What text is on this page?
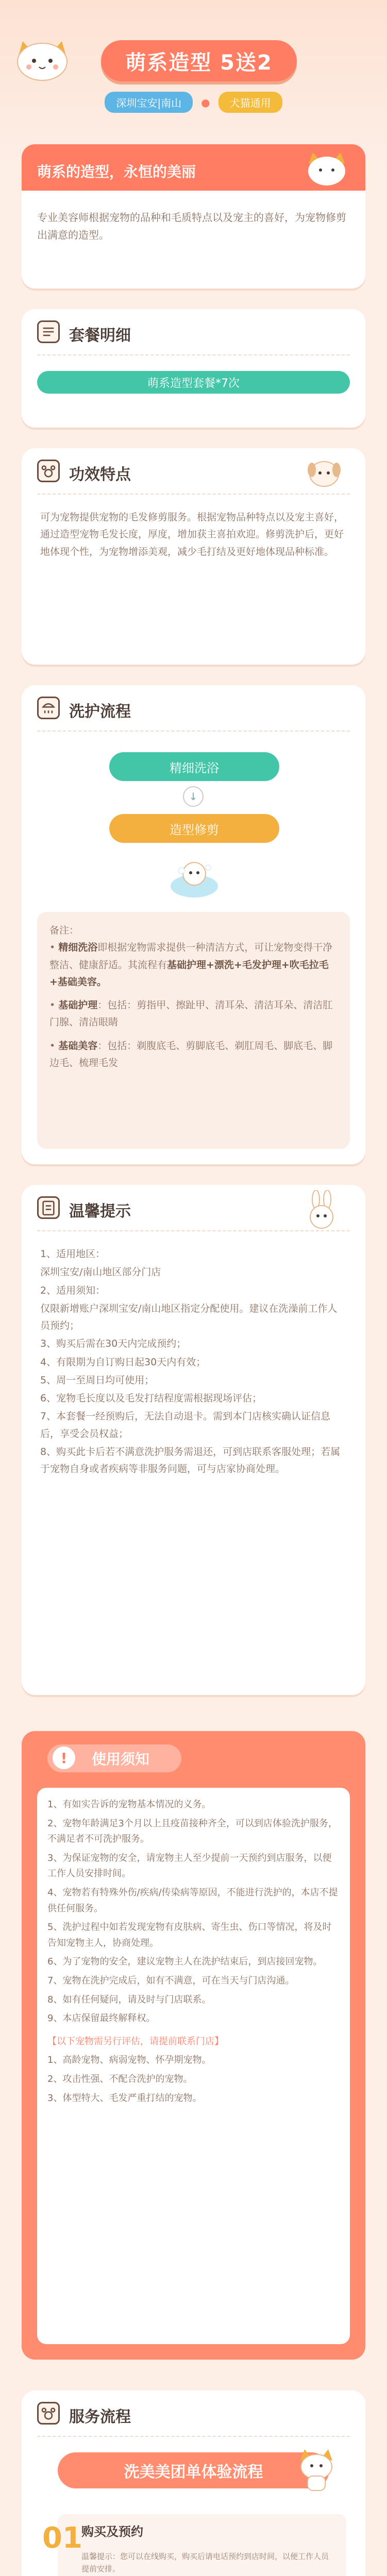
萌系造型 5送2
深圳宝安|南山	●	犬猫通用
萌系的造型，永恒的美丽
专业美容师根据宠物的品种和毛质特点以及宠主的喜好，为宠物修剪出满意的造型。
套餐明细
萌系造型套餐*7次
功效特点
可为宠物提供宠物的毛发修剪服务。根据宠物品种特点以及宠主喜好，通过造型宠物毛发长度，厚度，增加获主喜拍欢迎。修剪洗护后，更好地体现个性，为宠物增添美观，减少毛打结及更好地体现品种标准。
洗护流程
精细洗浴
↓
造型修剪

备注：

• 精细洗浴即根据宠物需求提供一种清洁方式，可让宠物变得干净整洁、健康舒适。其流程有基础护理+漂洗+毛发护理+吹毛拉毛+基础美容。

• 基础护理：包括：剪指甲、擦趾甲、清耳朵、清洁耳朵、清洁肛门腺、清洁眼睛

• 基础美容：包括：剃腹底毛、剪脚底毛、剃肛周毛、脚底毛、脚边毛、梳理毛发

温馨提示

1、适用地区：

深圳宝安/南山地区部分门店

2、适用须知：

仅限新增账户深圳宝安/南山地区指定分配使用。建议在洗澡前工作人员预约；

3、购买后需在30天内完成预约；

4、有限期为自订购日起30天内有效；

5、周一至周日均可使用；

6、宠物毛长度以及毛发打结程度需根据现场评估；

7、本套餐一经预购后，无法自动退卡。需到本门店核实确认证信息后，享受会员权益；

8、购买此卡后若不满意洗护服务需退还，可到店联系客服处理；若属于宠物自身或者疾病等非服务问题，可与店家协商处理。

使用须知
!

1、有如实告诉的宠物基本情况的义务。

2、宠物年龄满足3个月以上且疫苗接种齐全，可以到店体验洗护服务，不满足者不可洗护服务。

3、为保证宠物的安全，请宠物主人至少提前一天预约到店服务，以便工作人员安排时间。

4、宠物若有特殊外伤/疾病/传染病等原因，不能进行洗护的，本店不提供任何服务。

5、洗护过程中如若发现宠物有皮肤病、寄生虫、伤口等情况，将及时告知宠物主人，协商处理。

6、为了宠物的安全，建议宠物主人在洗护结束后，到店接回宠物。

7、宠物在洗护完成后，如有不满意，可在当天与门店沟通。

8、如有任何疑问，请及时与门店联系。

9、本店保留最终解释权。

【以下宠物需另行评估，请提前联系门店】

1、高龄宠物、病弱宠物、怀孕期宠物。

2、攻击性强、不配合洗护的宠物。

3、体型特大、毛发严重打结的宠物。

服务流程
洗美美团单体验流程
01
购买及预约
温馨提示：您可以在线购买，购买后请电话预约到店时间，以便工作人员提前安排。
